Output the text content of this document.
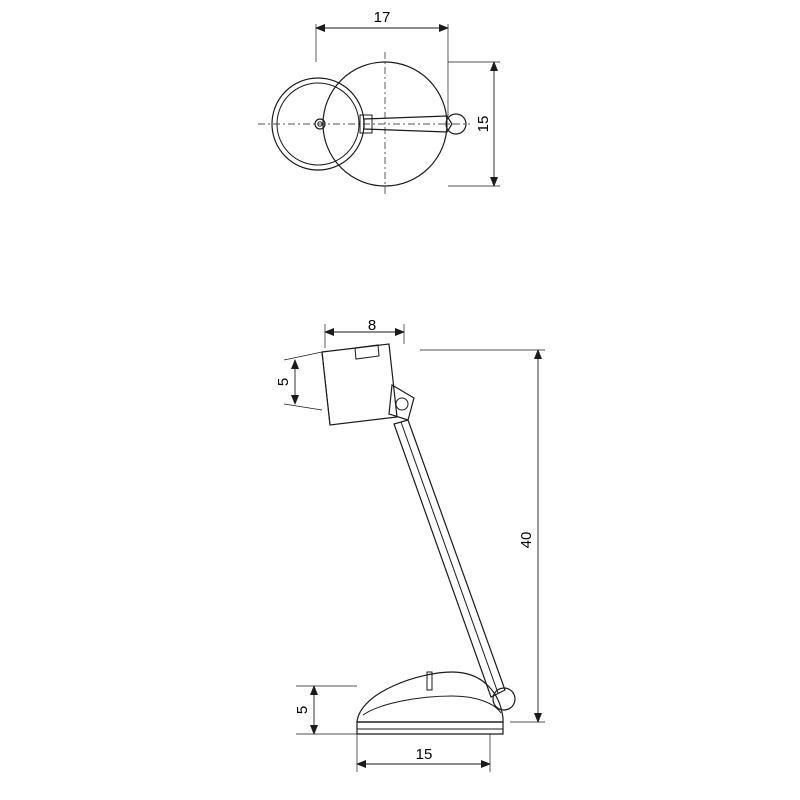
17
15
8
5
40
5
15
